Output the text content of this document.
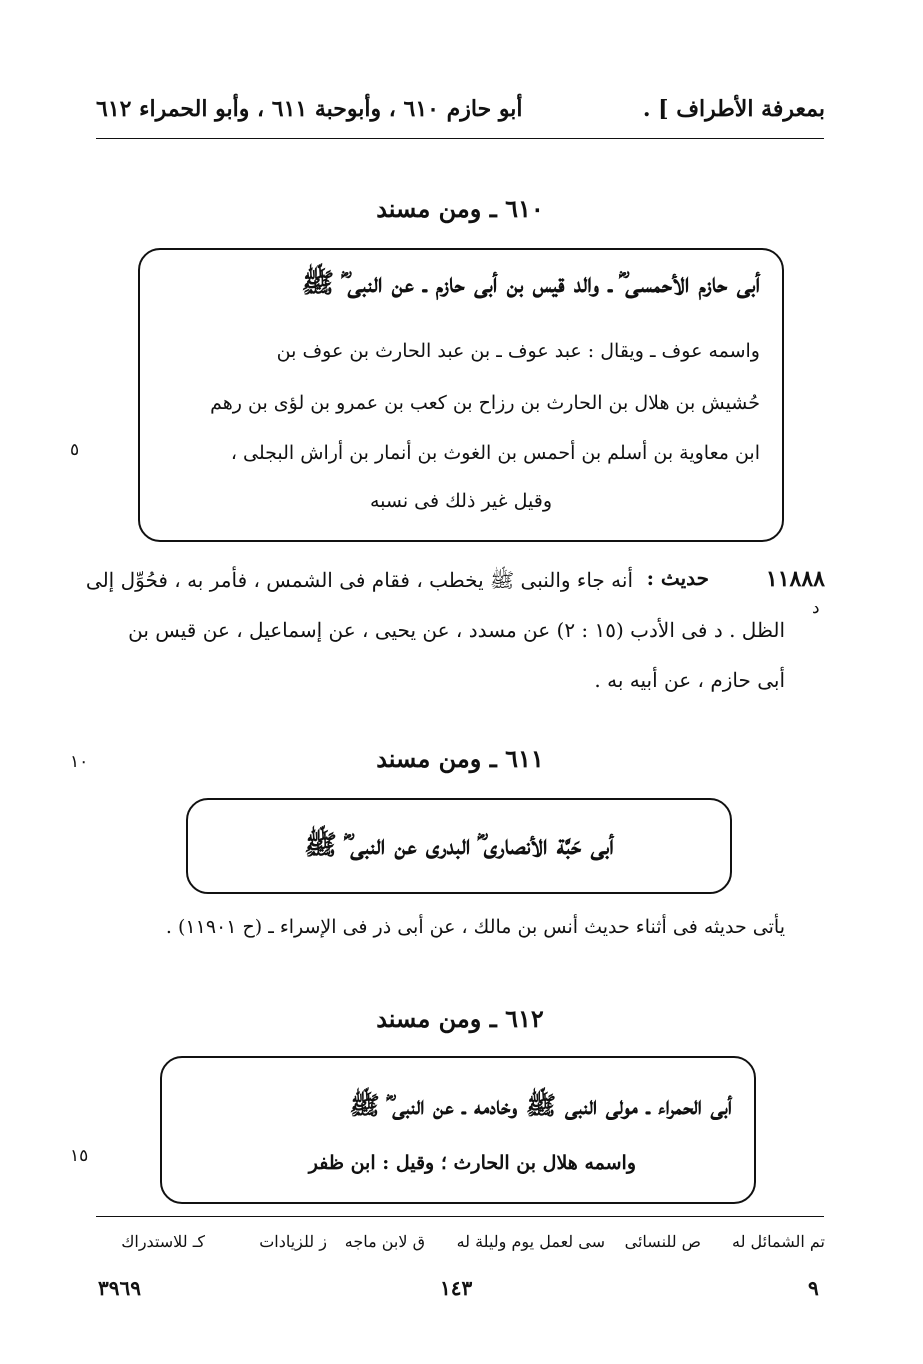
بمعرفة الأطراف ] .
أبو حازم ٦١٠ ، وأبوحبة ٦١١ ، وأبو الحمراء ٦١٢
٦١٠ ـ ومن مسند
أبى حازم الأحمسى ؓ ـ والد قيس بن أبى حازم ـ عن النبى ؓ ﷺ
واسمه عوف ـ ويقال : عبد عوف ـ بن عبد الحارث بن عوف بن
حُشيش بن هلال بن الحارث بن رزاح بن كعب بن عمرو بن لؤى بن رهم
ابن معاوية بن أسلم بن أحمس بن الغوث بن أنمار بن أراش البجلى ،
وقيل غير ذلك فى نسبه
٥
١١٨٨٨
حديث :
أنه جاء والنبى ﷺ يخطب ، فقام فى الشمس ، فأمر به ، فحُوِّل إلى
الظل . د فى الأدب (١٥ : ٢) عن مسدد ، عن يحيى ، عن إسماعيل ، عن قيس بن
أبى حازم ، عن أبيه به .
د
٦١١ ـ ومن مسند
١٠
أبى حَبَّة الأنصارى ؓ البدرى عن النبى ؓ ﷺ
يأتى حديثه فى أثناء حديث أنس بن مالك ، عن أبى ذر فى الإسراء ـ (ح ١١٩٠١) .
٦١٢ ـ ومن مسند
أبى الحمراء ـ مولى النبى ﷺ وخادمه ـ عن النبى ؓ ﷺ
واسمه هلال بن الحارث ؛ وقيل : ابن ظفر
١٥
تم الشمائل له
ص للنسائى
سى لعمل يوم وليلة له
ق لابن ماجه
ز للزيادات
كـ للاستدراك
٩
١٤٣
٣٩٦٩
